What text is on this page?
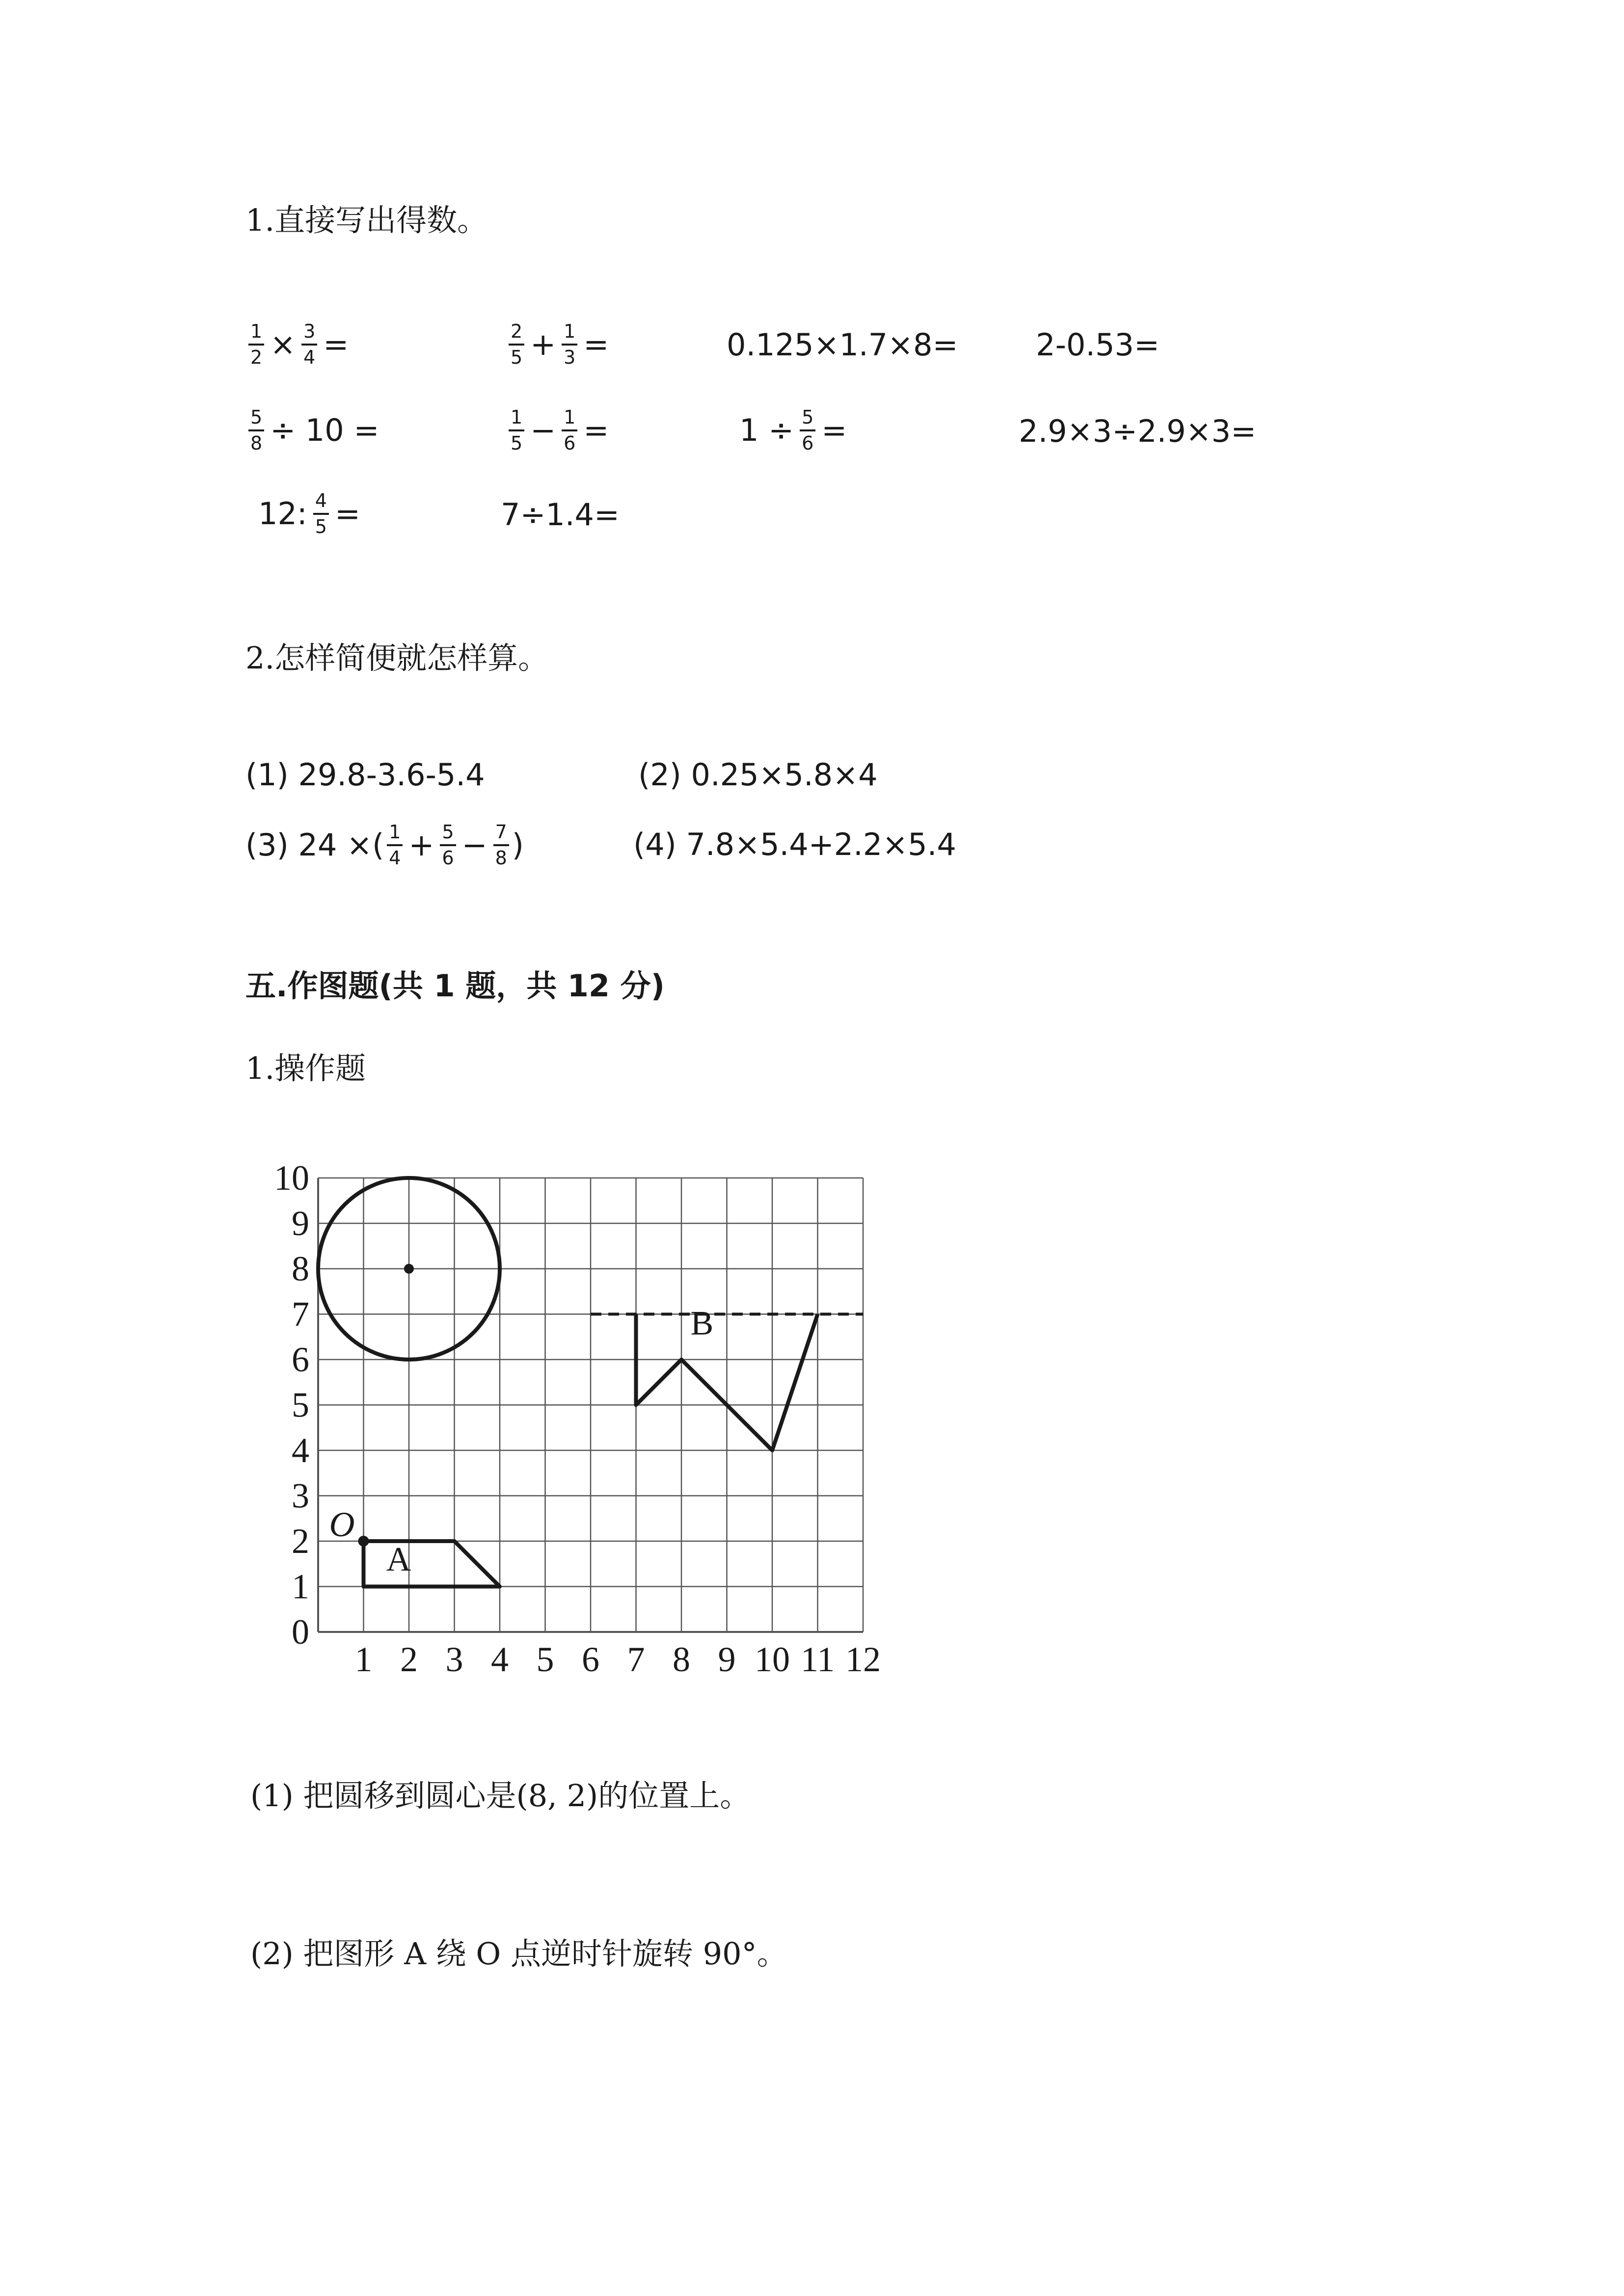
1.直接写出得数。
$\frac{1}{2} \times \frac{3}{4}$ =	$\frac{2}{5} + \frac{1}{3}$ =	0.125×1.7×8=	2-0.53=
$\frac{5}{8} \div 10$ =	$\frac{1}{5} - \frac{1}{6}$ =	$1 \div \frac{5}{6}$ =	2.9×3÷2.9×3=
12: $\frac{4}{5}$ =	7÷1.4=
2.怎样简便就怎样算。
(1) 29.8-3.6-5.4	(2) 0.25×5.8×4
(3) 24 ×( $\frac{1}{4} + \frac{5}{6} - \frac{7}{8}$ )	(4) 7.8×5.4+2.2×5.4
五.作图题(共 1 题，共 12 分)
1.操作题
A
B
O
1 2 3 4 5 6 7 8 9 10 11 12
0
1
2
3
4
5
6
7
8
9
10
(1) 把圆移到圆心是(8, 2)的位置上。
(2) 把图形 A 绕 O 点逆时针旋转 90°。
